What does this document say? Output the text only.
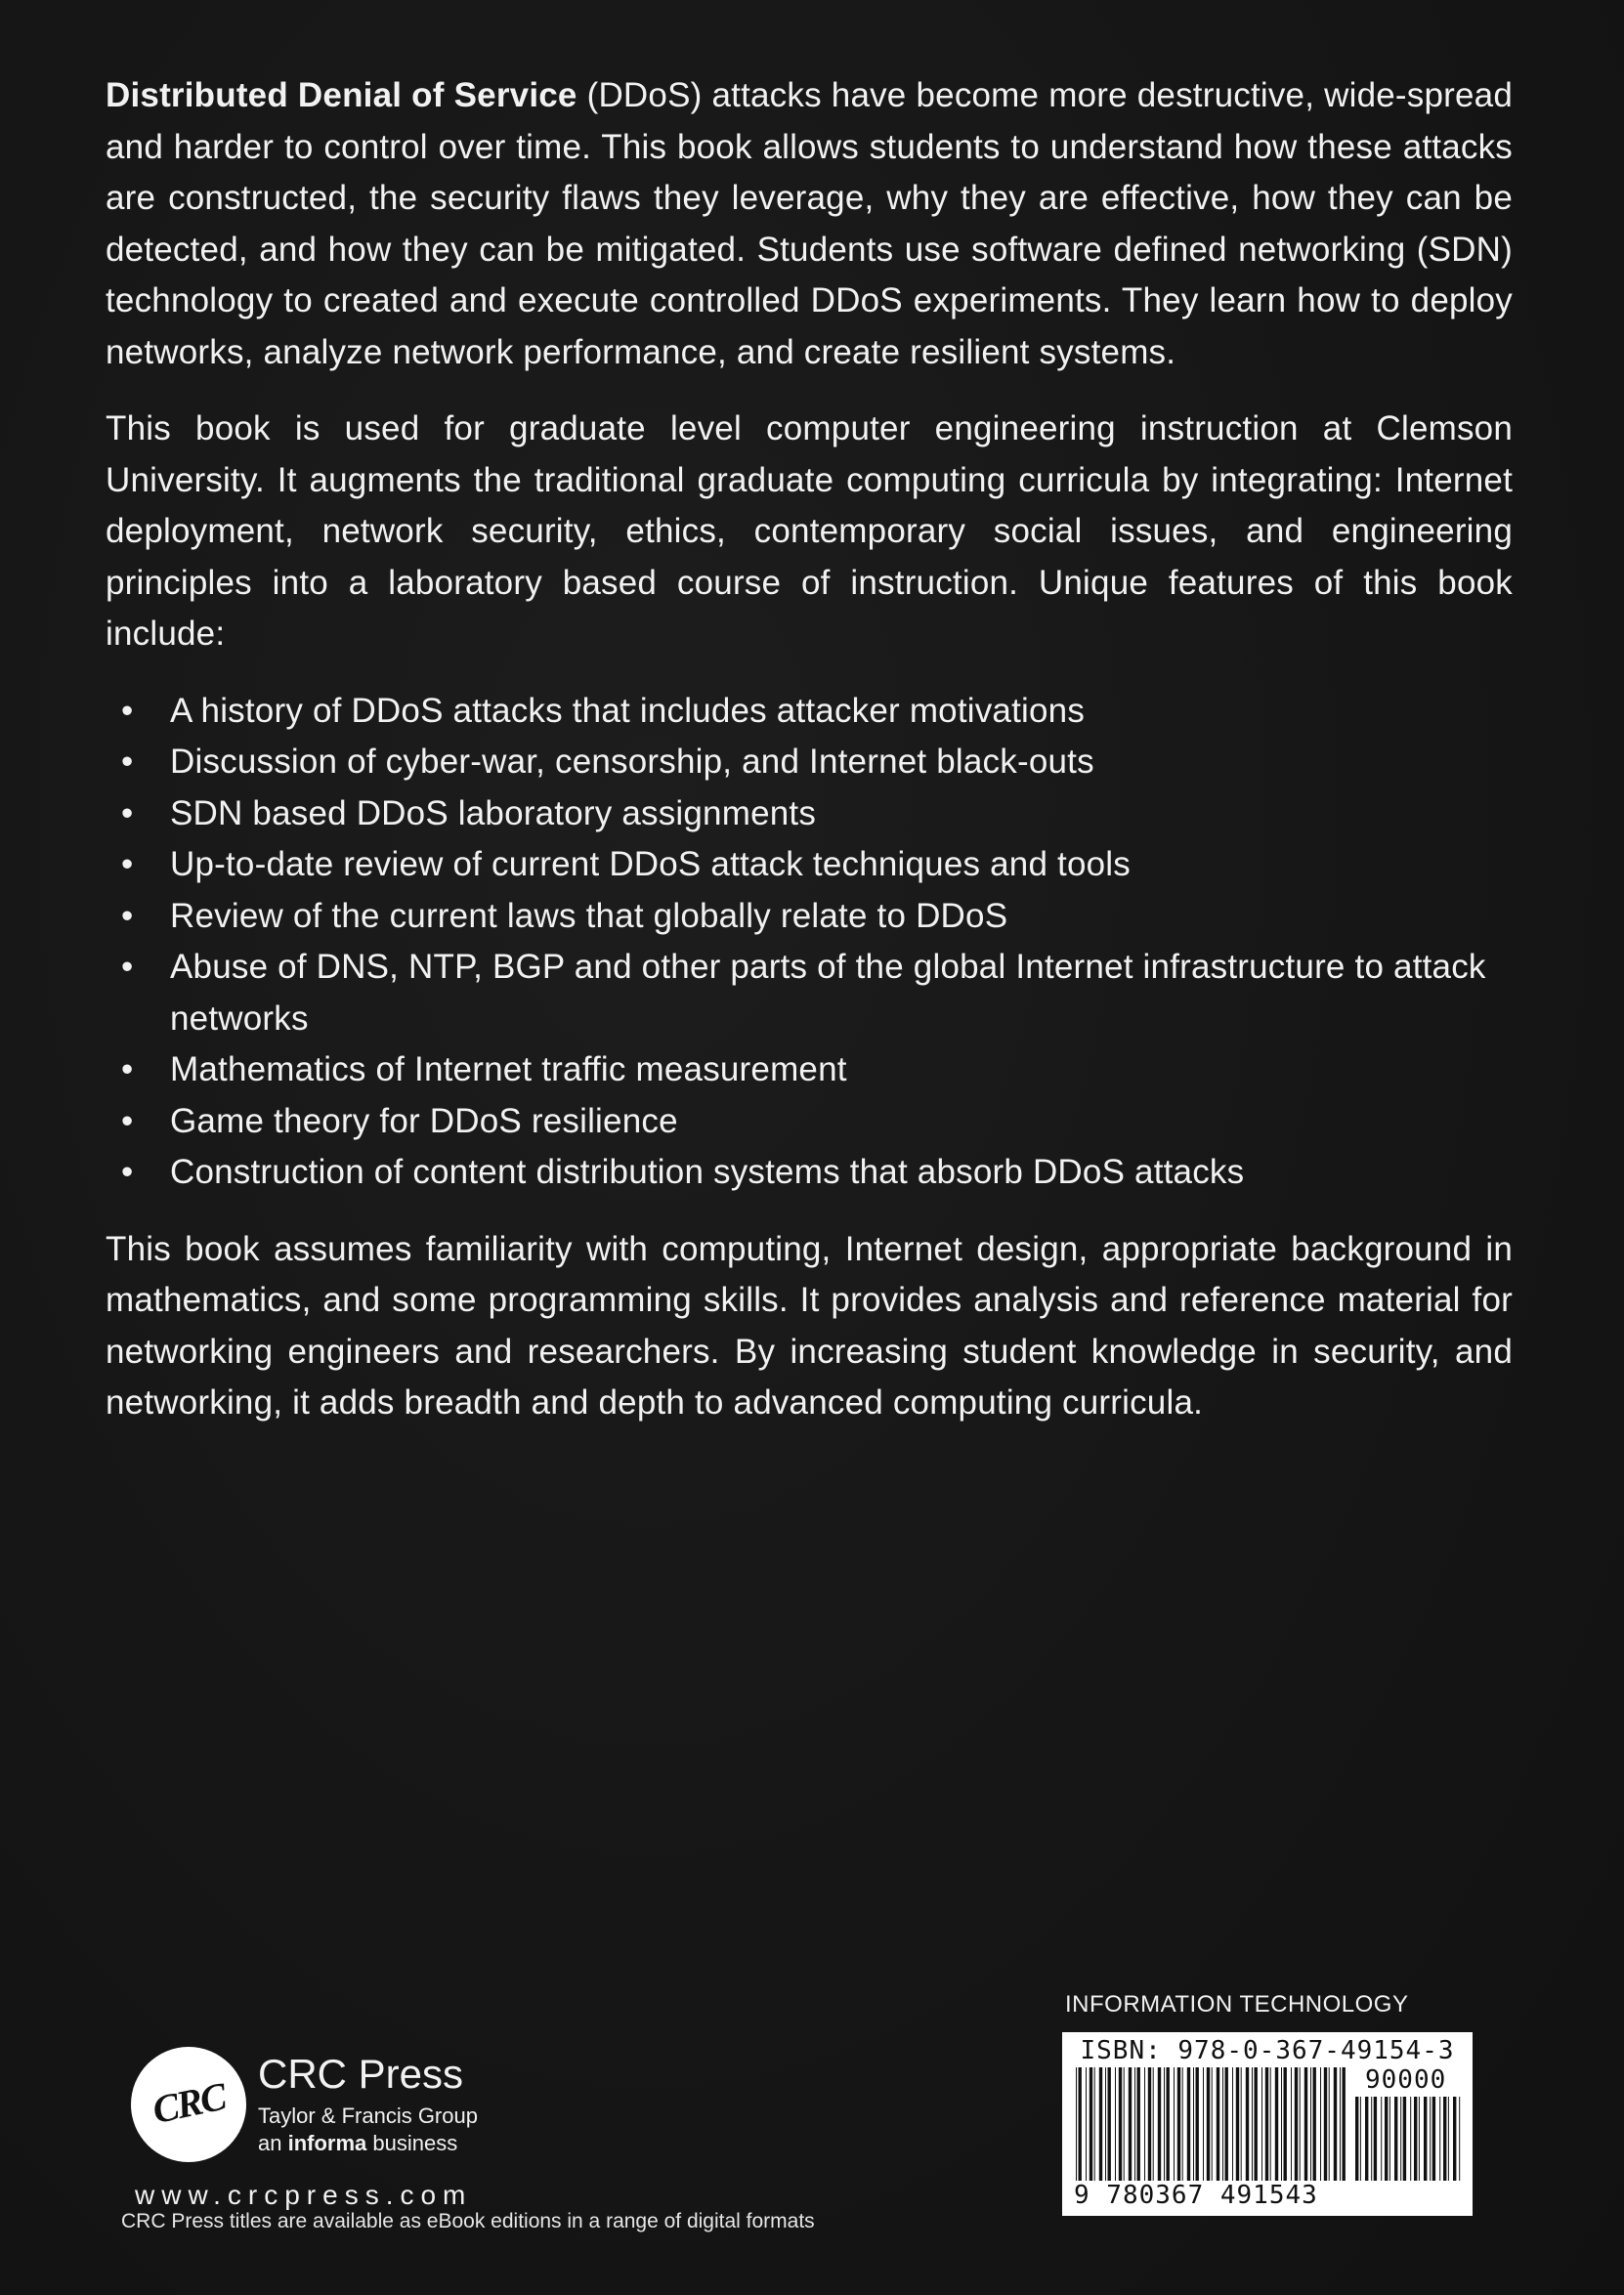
Distributed Denial of Service (DDoS) attacks have become more destructive, wide-spread and harder to control over time. This book allows students to understand how these attacks are constructed, the security flaws they leverage, why they are effective, how they can be detected, and how they can be mitigated. Students use software defined networking (SDN) technology to created and execute controlled DDoS experiments. They learn how to deploy networks, analyze network performance, and create resilient systems.

This book is used for graduate level computer engineering instruction at Clemson University. It augments the traditional graduate computing curricula by integrating: Internet deployment, network security, ethics, contemporary social issues, and engineering principles into a laboratory based course of instruction. Unique features of this book include:

• A history of DDoS attacks that includes attacker motivations
• Discussion of cyber-war, censorship, and Internet black-outs
• SDN based DDoS laboratory assignments
• Up-to-date review of current DDoS attack techniques and tools
• Review of the current laws that globally relate to DDoS
• Abuse of DNS, NTP, BGP and other parts of the global Internet infrastructure to attack networks
• Mathematics of Internet traffic measurement
• Game theory for DDoS resilience
• Construction of content distribution systems that absorb DDoS attacks

This book assumes familiarity with computing, Internet design, appropriate background in mathematics, and some programming skills. It provides analysis and reference material for networking engineers and researchers. By increasing student knowledge in security, and networking, it adds breadth and depth to advanced computing curricula.

CRC
CRC Press
Taylor & Francis Group
an informa business
www.crcpress.com
CRC Press titles are available as eBook editions in a range of digital formats
INFORMATION TECHNOLOGY
ISBN: 978-0-367-49154-3
90000
9 780367 491543
